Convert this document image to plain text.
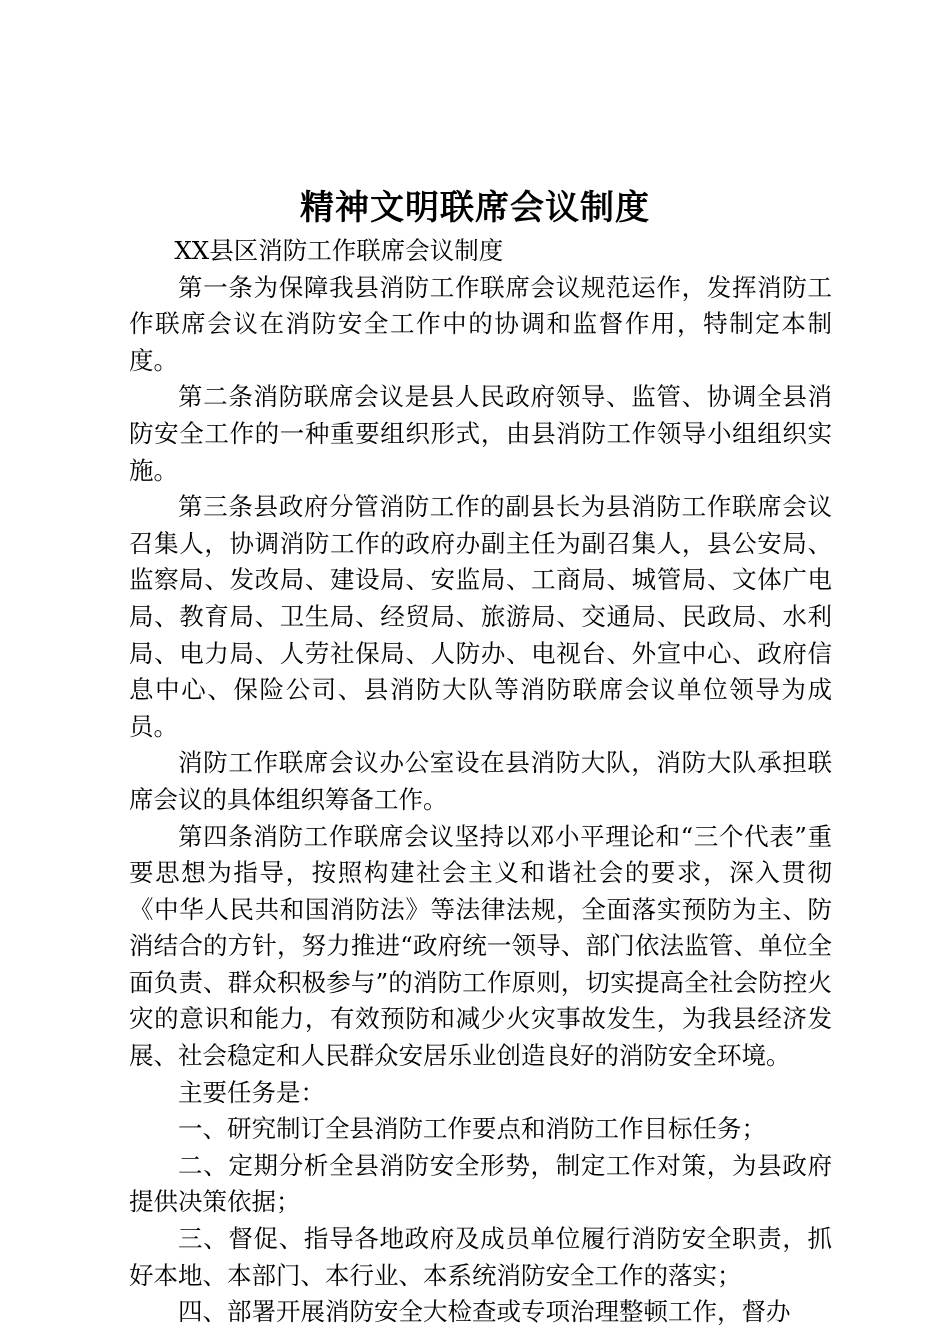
精神文明联席会议制度

XX县区消防工作联席会议制度

第一条为保障我县消防工作联席会议规范运作，发挥消防工作联席会议在消防安全工作中的协调和监督作用，特制定本制度。

第二条消防联席会议是县人民政府领导、监管、协调全县消防安全工作的一种重要组织形式，由县消防工作领导小组组织实施。

第三条县政府分管消防工作的副县长为县消防工作联席会议召集人，协调消防工作的政府办副主任为副召集人，县公安局、监察局、发改局、建设局、安监局、工商局、城管局、文体广电局、教育局、卫生局、经贸局、旅游局、交通局、民政局、水利局、电力局、人劳社保局、人防办、电视台、外宣中心、政府信息中心、保险公司、县消防大队等消防联席会议单位领导为成员。

消防工作联席会议办公室设在县消防大队，消防大队承担联席会议的具体组织筹备工作。

第四条消防工作联席会议坚持以邓小平理论和“三个代表”重要思想为指导，按照构建社会主义和谐社会的要求，深入贯彻《中华人民共和国消防法》等法律法规，全面落实预防为主、防消结合的方针，努力推进“政府统一领导、部门依法监管、单位全面负责、群众积极参与”的消防工作原则，切实提高全社会防控火灾的意识和能力，有效预防和减少火灾事故发生，为我县经济发展、社会稳定和人民群众安居乐业创造良好的消防安全环境。

主要任务是：

一、研究制订全县消防工作要点和消防工作目标任务；

二、定期分析全县消防安全形势，制定工作对策，为县政府提供决策依据；

三、督促、指导各地政府及成员单位履行消防安全职责，抓好本地、本部门、本行业、本系统消防安全工作的落实；

四、部署开展消防安全大检查或专项治理整顿工作，督办
